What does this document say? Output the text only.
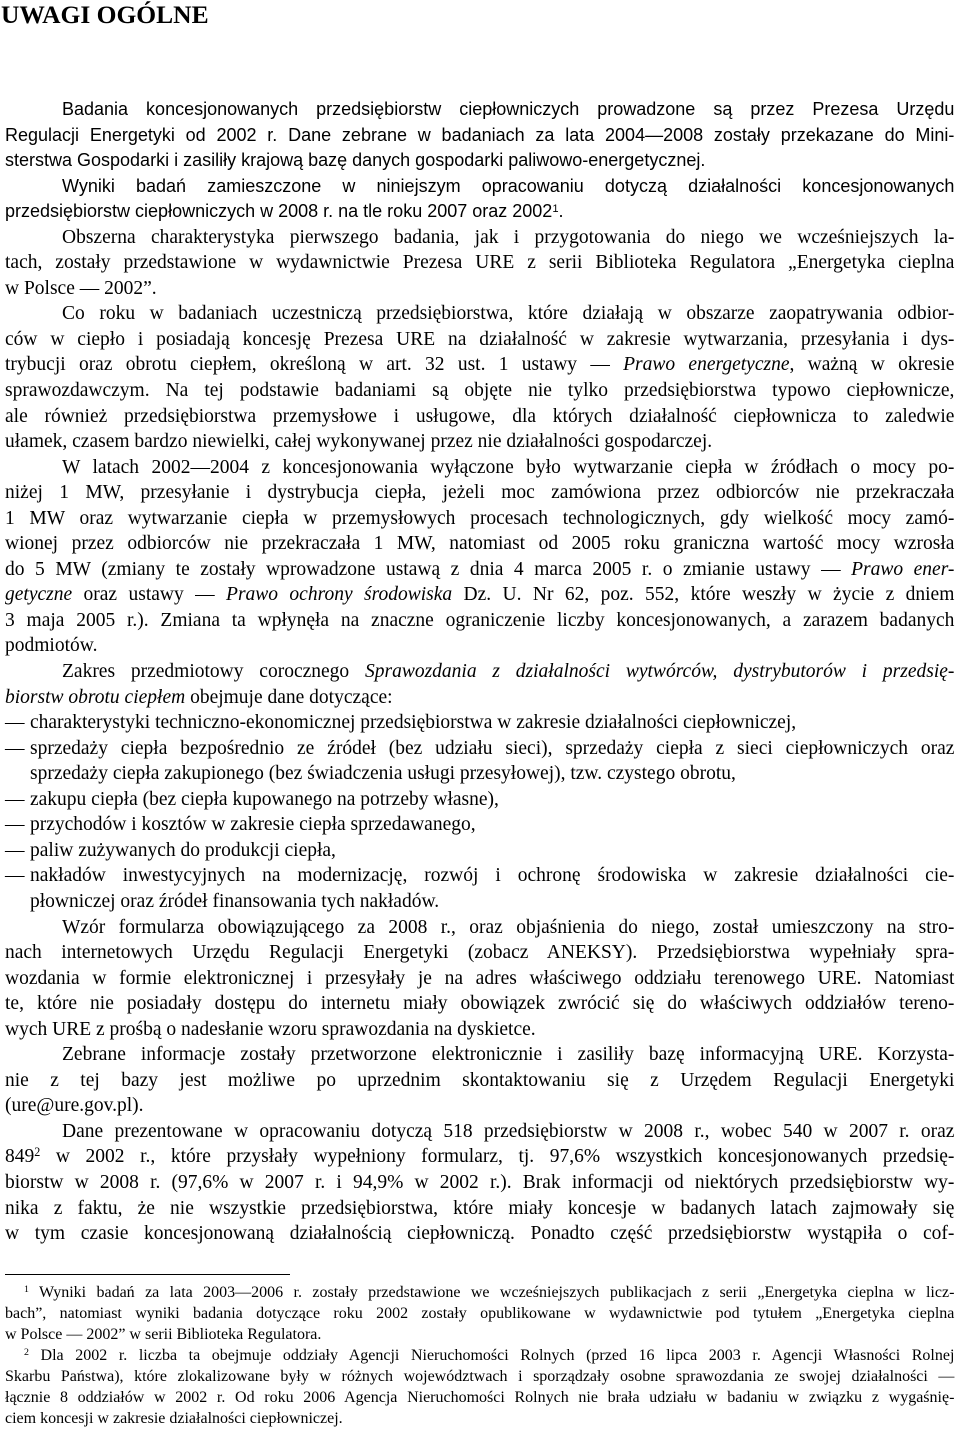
UWAGI OGÓLNE
Badania koncesjonowanych przedsiębiorstw ciepłowniczych prowadzone są przez Prezesa Urzędu
Regulacji Energetyki od 2002 r. Dane zebrane w badaniach za lata 2004—2008 zostały przekazane do Mini-
sterstwa Gospodarki i zasiliły krajową bazę danych gospodarki paliwowo-energetycznej.
Wyniki badań zamieszczone w niniejszym opracowaniu dotyczą działalności koncesjonowanych
przedsiębiorstw ciepłowniczych w 2008 r. na tle roku 2007 oraz 2002$^1$.
Obszerna charakterystyka pierwszego badania, jak i przygotowania do niego we wcześniejszych la-
tach, zostały przedstawione w wydawnictwie Prezesa URE z serii Biblioteka Regulatora „Energetyka cieplna
w Polsce — 2002”.
Co roku w badaniach uczestniczą przedsiębiorstwa, które działają w obszarze zaopatrywania odbior-
ców w ciepło i posiadają koncesję Prezesa URE na działalność w zakresie wytwarzania, przesyłania i dys-
trybucji oraz obrotu ciepłem, określoną w art. 32 ust. 1 ustawy — Prawo energetyczne, ważną w okresie
sprawozdawczym. Na tej podstawie badaniami są objęte nie tylko przedsiębiorstwa typowo ciepłownicze,
ale również przedsiębiorstwa przemysłowe i usługowe, dla których działalność ciepłownicza to zaledwie
ułamek, czasem bardzo niewielki, całej wykonywanej przez nie działalności gospodarczej.
W latach 2002—2004 z koncesjonowania wyłączone było wytwarzanie ciepła w źródłach o mocy po-
niżej 1 MW, przesyłanie i dystrybucja ciepła, jeżeli moc zamówiona przez odbiorców nie przekraczała
1 MW oraz wytwarzanie ciepła w przemysłowych procesach technologicznych, gdy wielkość mocy zamó-
wionej przez odbiorców nie przekraczała 1 MW, natomiast od 2005 roku graniczna wartość mocy wzrosła
do 5 MW (zmiany te zostały wprowadzone ustawą z dnia 4 marca 2005 r. o zmianie ustawy — Prawo ener-
getyczne oraz ustawy — Prawo ochrony środowiska Dz. U. Nr 62, poz. 552, które weszły w życie z dniem
3 maja 2005 r.). Zmiana ta wpłynęła na znaczne ograniczenie liczby koncesjonowanych, a zarazem badanych
podmiotów.
Zakres przedmiotowy corocznego Sprawozdania z działalności wytwórców, dystrybutorów i przedsię-
biorstw obrotu ciepłem obejmuje dane dotyczące:
— charakterystyki techniczno-ekonomicznej przedsiębiorstwa w zakresie działalności ciepłowniczej,
— sprzedaży ciepła bezpośrednio ze źródeł (bez udziału sieci), sprzedaży ciepła z sieci ciepłowniczych oraz
sprzedaży ciepła zakupionego (bez świadczenia usługi przesyłowej), tzw. czystego obrotu,
— zakupu ciepła (bez ciepła kupowanego na potrzeby własne),
— przychodów i kosztów w zakresie ciepła sprzedawanego,
— paliw zużywanych do produkcji ciepła,
— nakładów inwestycyjnych na modernizację, rozwój i ochronę środowiska w zakresie działalności cie-
płowniczej oraz źródeł finansowania tych nakładów.
Wzór formularza obowiązującego za 2008 r., oraz objaśnienia do niego, został umieszczony na stro-
nach internetowych Urzędu Regulacji Energetyki (zobacz ANEKSY). Przedsiębiorstwa wypełniały spra-
wozdania w formie elektronicznej i przesyłały je na adres właściwego oddziału terenowego URE. Natomiast
te, które nie posiadały dostępu do internetu miały obowiązek zwrócić się do właściwych oddziałów tereno-
wych URE z prośbą o nadesłanie wzoru sprawozdania na dyskietce.
Zebrane informacje zostały przetworzone elektronicznie i zasiliły bazę informacyjną URE. Korzysta-
nie z tej bazy jest możliwe po uprzednim skontaktowaniu się z Urzędem Regulacji Energetyki
(ure@ure.gov.pl).
Dane prezentowane w opracowaniu dotyczą 518 przedsiębiorstw w 2008 r., wobec 540 w 2007 r. oraz
$849^2$ w 2002 r., które przysłały wypełniony formularz, tj. 97,6% wszystkich koncesjonowanych przedsię-
biorstw w 2008 r. (97,6% w 2007 r. i 94,9% w 2002 r.). Brak informacji od niektórych przedsiębiorstw wy-
nika z faktu, że nie wszystkie przedsiębiorstwa, które miały koncesje w badanych latach zajmowały się
w tym czasie koncesjonowaną działalnością ciepłowniczą. Ponadto część przedsiębiorstw wystąpiła o cof-
$^1$ Wyniki badań za lata 2003—2006 r. zostały przedstawione we wcześniejszych publikacjach z serii „Energetyka cieplna w licz-
bach”, natomiast wyniki badania dotyczące roku 2002 zostały opublikowane w wydawnictwie pod tytułem „Energetyka cieplna
w Polsce — 2002” w serii Biblioteka Regulatora.
$^2$ Dla 2002 r. liczba ta obejmuje oddziały Agencji Nieruchomości Rolnych (przed 16 lipca 2003 r. Agencji Własności Rolnej
Skarbu Państwa), które zlokalizowane były w różnych województwach i sporządzały osobne sprawozdania ze swojej działalności —
łącznie 8 oddziałów w 2002 r. Od roku 2006 Agencja Nieruchomości Rolnych nie brała udziału w badaniu w związku z wygaśnię-
ciem koncesji w zakresie działalności ciepłowniczej.
